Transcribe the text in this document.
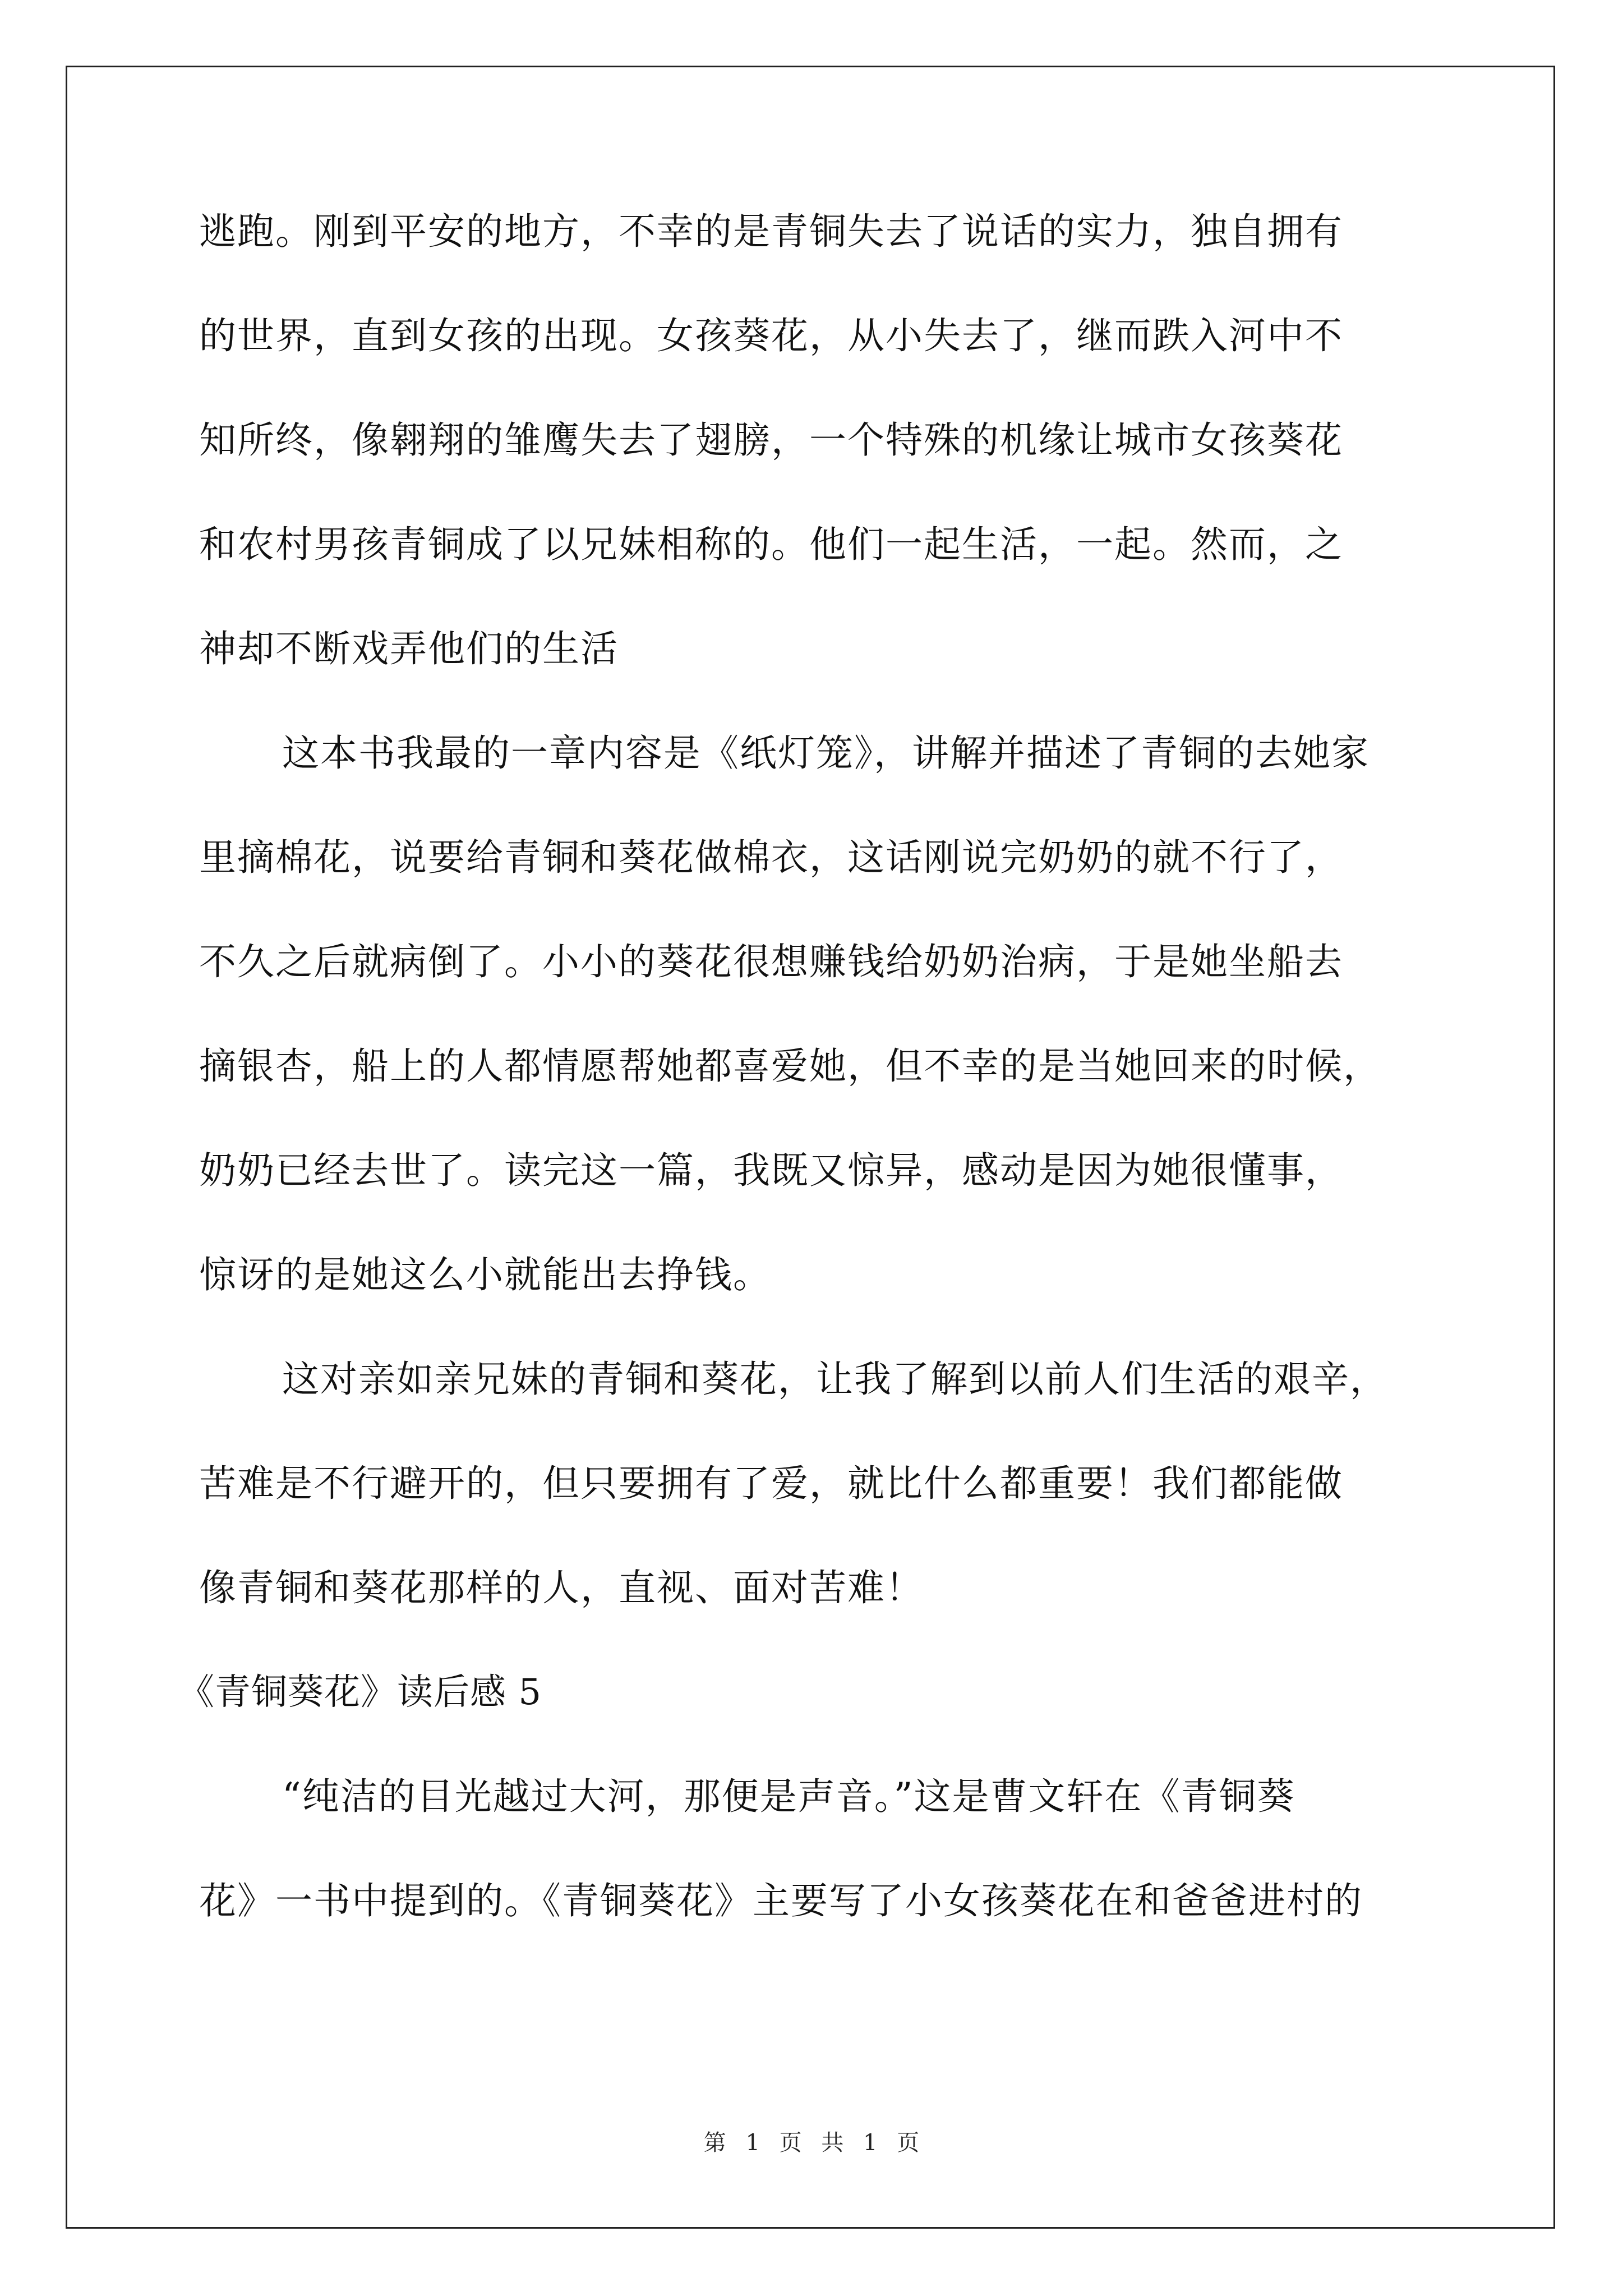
逃跑。刚到平安的地方，不幸的是青铜失去了说话的实力，独自拥有
的世界，直到女孩的出现。女孩葵花，从小失去了，继而跌入河中不
知所终，像翱翔的雏鹰失去了翅膀，一个特殊的机缘让城市女孩葵花
和农村男孩青铜成了以兄妹相称的。他们一起生活，一起。然而，之
神却不断戏弄他们的生活
这本书我最的一章内容是《纸灯笼》，讲解并描述了青铜的去她家
里摘棉花，说要给青铜和葵花做棉衣，这话刚说完奶奶的就不行了，
不久之后就病倒了。小小的葵花很想赚钱给奶奶治病，于是她坐船去
摘银杏，船上的人都情愿帮她都喜爱她，但不幸的是当她回来的时候，
奶奶已经去世了。读完这一篇，我既又惊异，感动是因为她很懂事，
惊讶的是她这么小就能出去挣钱。
这对亲如亲兄妹的青铜和葵花，让我了解到以前人们生活的艰辛，
苦难是不行避开的，但只要拥有了爱，就比什么都重要！我们都能做
像青铜和葵花那样的人，直视、面对苦难！
《青铜葵花》读后感 5
“纯洁的目光越过大河，那便是声音。”这是曹文轩在《青铜葵
花》一书中提到的。《青铜葵花》主要写了小女孩葵花在和爸爸进村的
第 1 页 共 1 页
